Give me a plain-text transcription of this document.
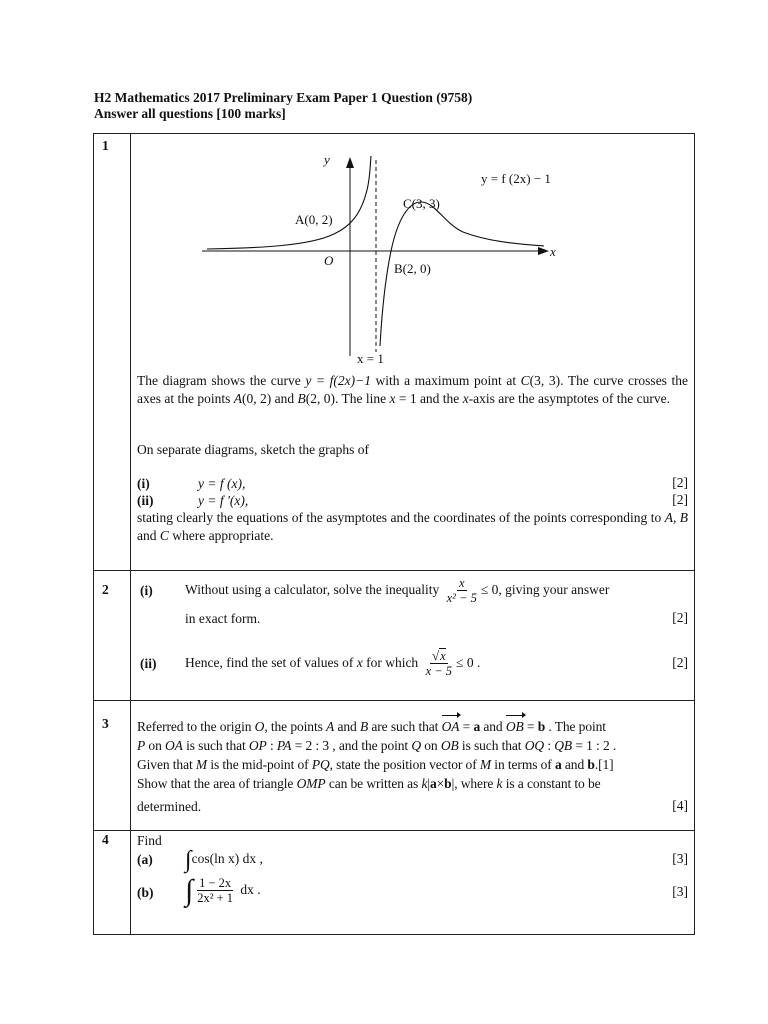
H2 Mathematics 2017 Preliminary Exam Paper 1 Question (9758)
Answer all questions [100 marks]
1
y
x
O
y = f (2x) − 1
A(0, 2)
C(3, 3)
B(2, 0)
x = 1
The diagram shows the curve y = f(2x)−1 with a maximum point at C(3, 3). The curve crosses the axes at the points A(0, 2) and B(2, 0). The line x = 1 and the x-axis are the asymptotes of the curve.
On separate diagrams, sketch the graphs of
(i)	y = f (x),	[2]
(ii)	y = f '(x),	[2]
stating clearly the equations of the asymptotes and the coordinates of the points corresponding to A, B and C where appropriate.
2 (i) Without using a calculator, solve the inequality $\frac{x}{\text{x² − 5}} \le 0$, giving your answer
in exact form.	[2]
(ii) Hence, find the set of values of x for which $\frac{√x}{x - 5} \le 0$ .	[2]
3 Referred to the origin O, the points A and B are such that OA = a and OB = b . The point
P on OA is such that OP : PA = 2 : 3 , and the point Q on OB is such that OQ : QB = 1 : 2 .
Given that M is the mid-point of PQ, state the position vector of M in terms of a and b.[1]
Show that the area of triangle OMP can be written as k|a×b|, where k is a constant to be
determined.	[4]
4 Find
(a) ∫cos(ln x) dx ,	[3]
(b) ∫ $\frac{1 - 2x}{\text{2x² + 1}}$ dx .	[3]
